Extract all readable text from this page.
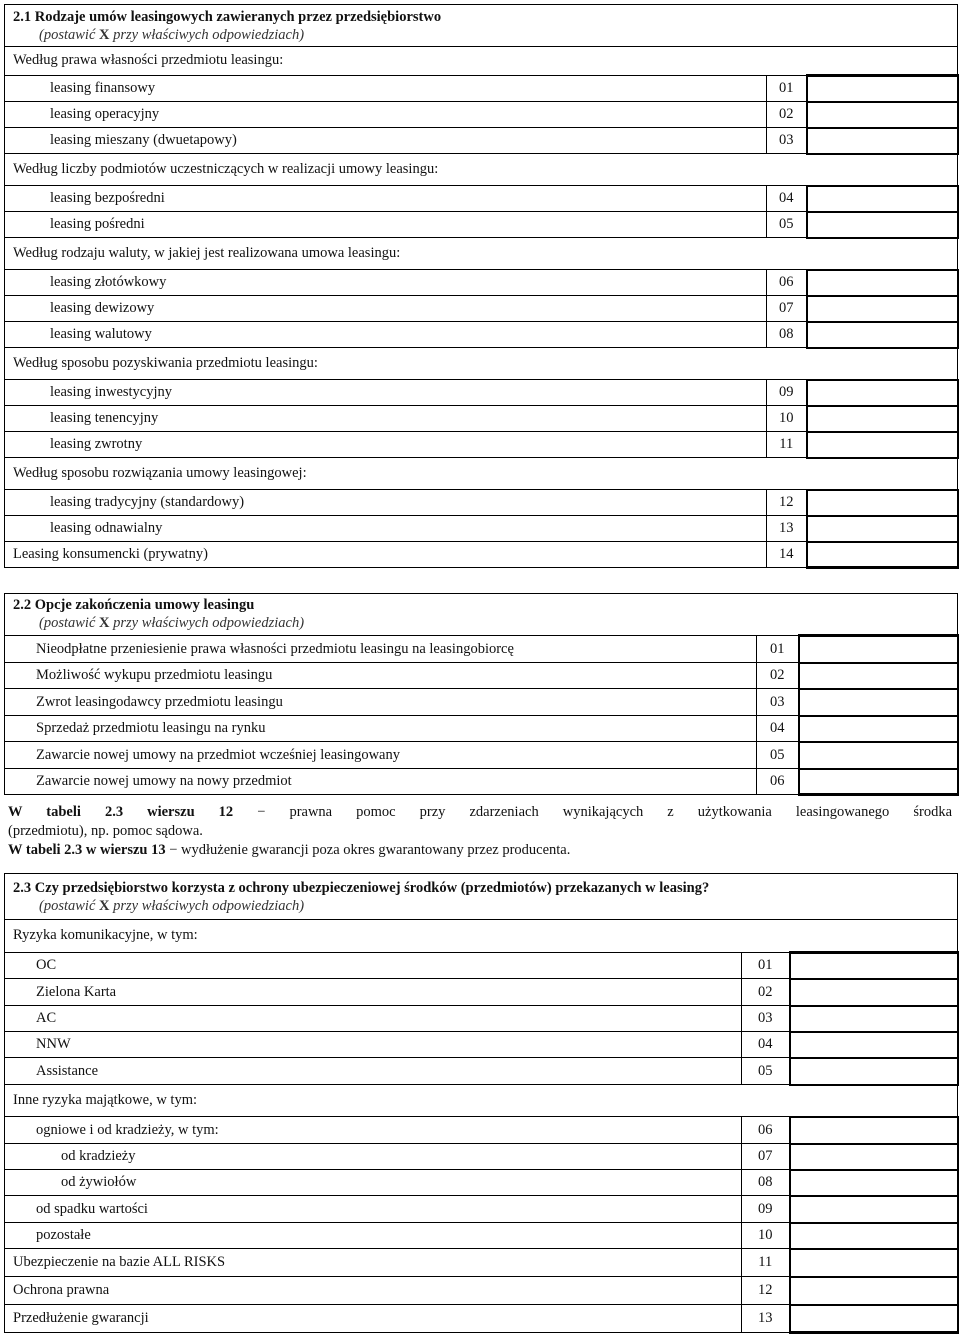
2.1 Rodzaje umów leasingowych zawieranych przez przedsiębiorstwo
(postawić X przy właściwych odpowiedziach)		

Według prawa własności przedmiotu leasingu:		
leasing finansowy	01	
leasing operacyjny	02	
leasing mieszany (dwuetapowy)	03	
Według liczby podmiotów uczestniczących w realizacji umowy leasingu:		
leasing bezpośredni	04	
leasing pośredni	05	
Według rodzaju waluty, w jakiej jest realizowana umowa leasingu:		
leasing złotówkowy	06	
leasing dewizowy	07	
leasing walutowy	08	
Według sposobu pozyskiwania przedmiotu leasingu:		
leasing inwestycyjny	09	
leasing tenencyjny	10	
leasing zwrotny	11	
Według sposobu rozwiązania umowy leasingowej:		
leasing tradycyjny (standardowy)	12	
leasing odnawialny	13	
Leasing konsumencki (prywatny)	14	
2.2 Opcje zakończenia umowy leasingu
(postawić X przy właściwych odpowiedziach)		

Nieodpłatne przeniesienie prawa własności przedmiotu leasingu na leasingobiorcę	01	
Możliwość wykupu przedmiotu leasingu	02	
Zwrot leasingodawcy przedmiotu leasingu	03	
Sprzedaż przedmiotu leasingu na rynku	04	
Zawarcie nowej umowy na przedmiot wcześniej leasingowany	05	
Zawarcie nowej umowy na nowy przedmiot	06	
W tabeli 2.3 wierszu 12 − prawna pomoc przy zdarzeniach wynikających z użytkowania leasingowanego środka
(przedmiotu), np. pomoc sądowa.
W tabeli 2.3 w wierszu 13 − wydłużenie gwarancji poza okres gwarantowany przez producenta.
2.3 Czy przedsiębiorstwo korzysta z ochrony ubezpieczeniowej środków (przedmiotów) przekazanych w leasing?
(postawić X przy właściwych odpowiedziach)		

Ryzyka komunikacyjne, w tym:		
OC	01	
Zielona Karta	02	
AC	03	
NNW	04	
Assistance	05	
Inne ryzyka majątkowe, w tym:		
ogniowe i od kradzieży, w tym:	06	
od kradzieży	07	
od żywiołów	08	
od spadku wartości	09	
pozostałe	10	
Ubezpieczenie na bazie ALL RISKS	11	
Ochrona prawna	12	
Przedłużenie gwarancji	13	
